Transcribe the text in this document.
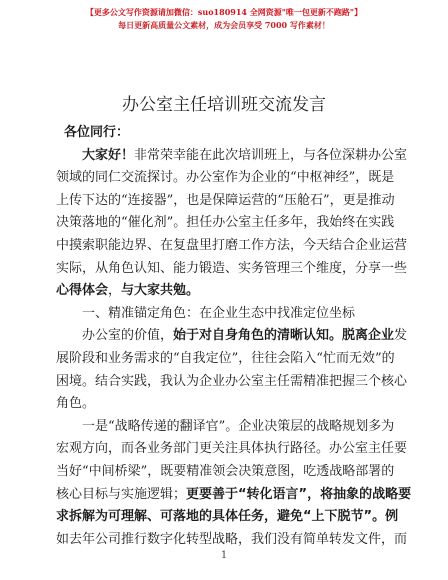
【更多公文写作资源请加微信：suo180914 全网资源"唯一包更新不跑路"】
每日更新高质量公文素材，成为会员享受 7000 写作素材！
办公室主任培训班交流发言
各位同行：
大家好！非常荣幸能在此次培训班上，与各位深耕办公室
领域的同仁交流探讨。办公室作为企业的“中枢神经”，既是
上传下达的“连接器”，也是保障运营的“压舱石”，更是推动
决策落地的“催化剂”。担任办公室主任多年，我始终在实践
中摸索职能边界、在复盘里打磨工作方法，今天结合企业运营
实际，从角色认知、能力锻造、实务管理三个维度，分享一些
心得体会，与大家共勉。
一、精准锚定角色：在企业生态中找准定位坐标
办公室的价值，始于对自身角色的清晰认知。脱离企业发
展阶段和业务需求的“自我定位”，往往会陷入“忙而无效”的
困境。结合实践，我认为企业办公室主任需精准把握三个核心
角色。
一是“战略传递的翻译官”。企业决策层的战略规划多为
宏观方向，而各业务部门更关注具体执行路径。办公室主任要
当好“中间桥梁”，既要精准领会决策意图，吃透战略部署的
核心目标与实施逻辑；更要善于“转化语言”，将抽象的战略要
求拆解为可理解、可落地的具体任务，避免“上下脱节”。例
如去年公司推行数字化转型战略，我们没有简单转发文件，而
1
